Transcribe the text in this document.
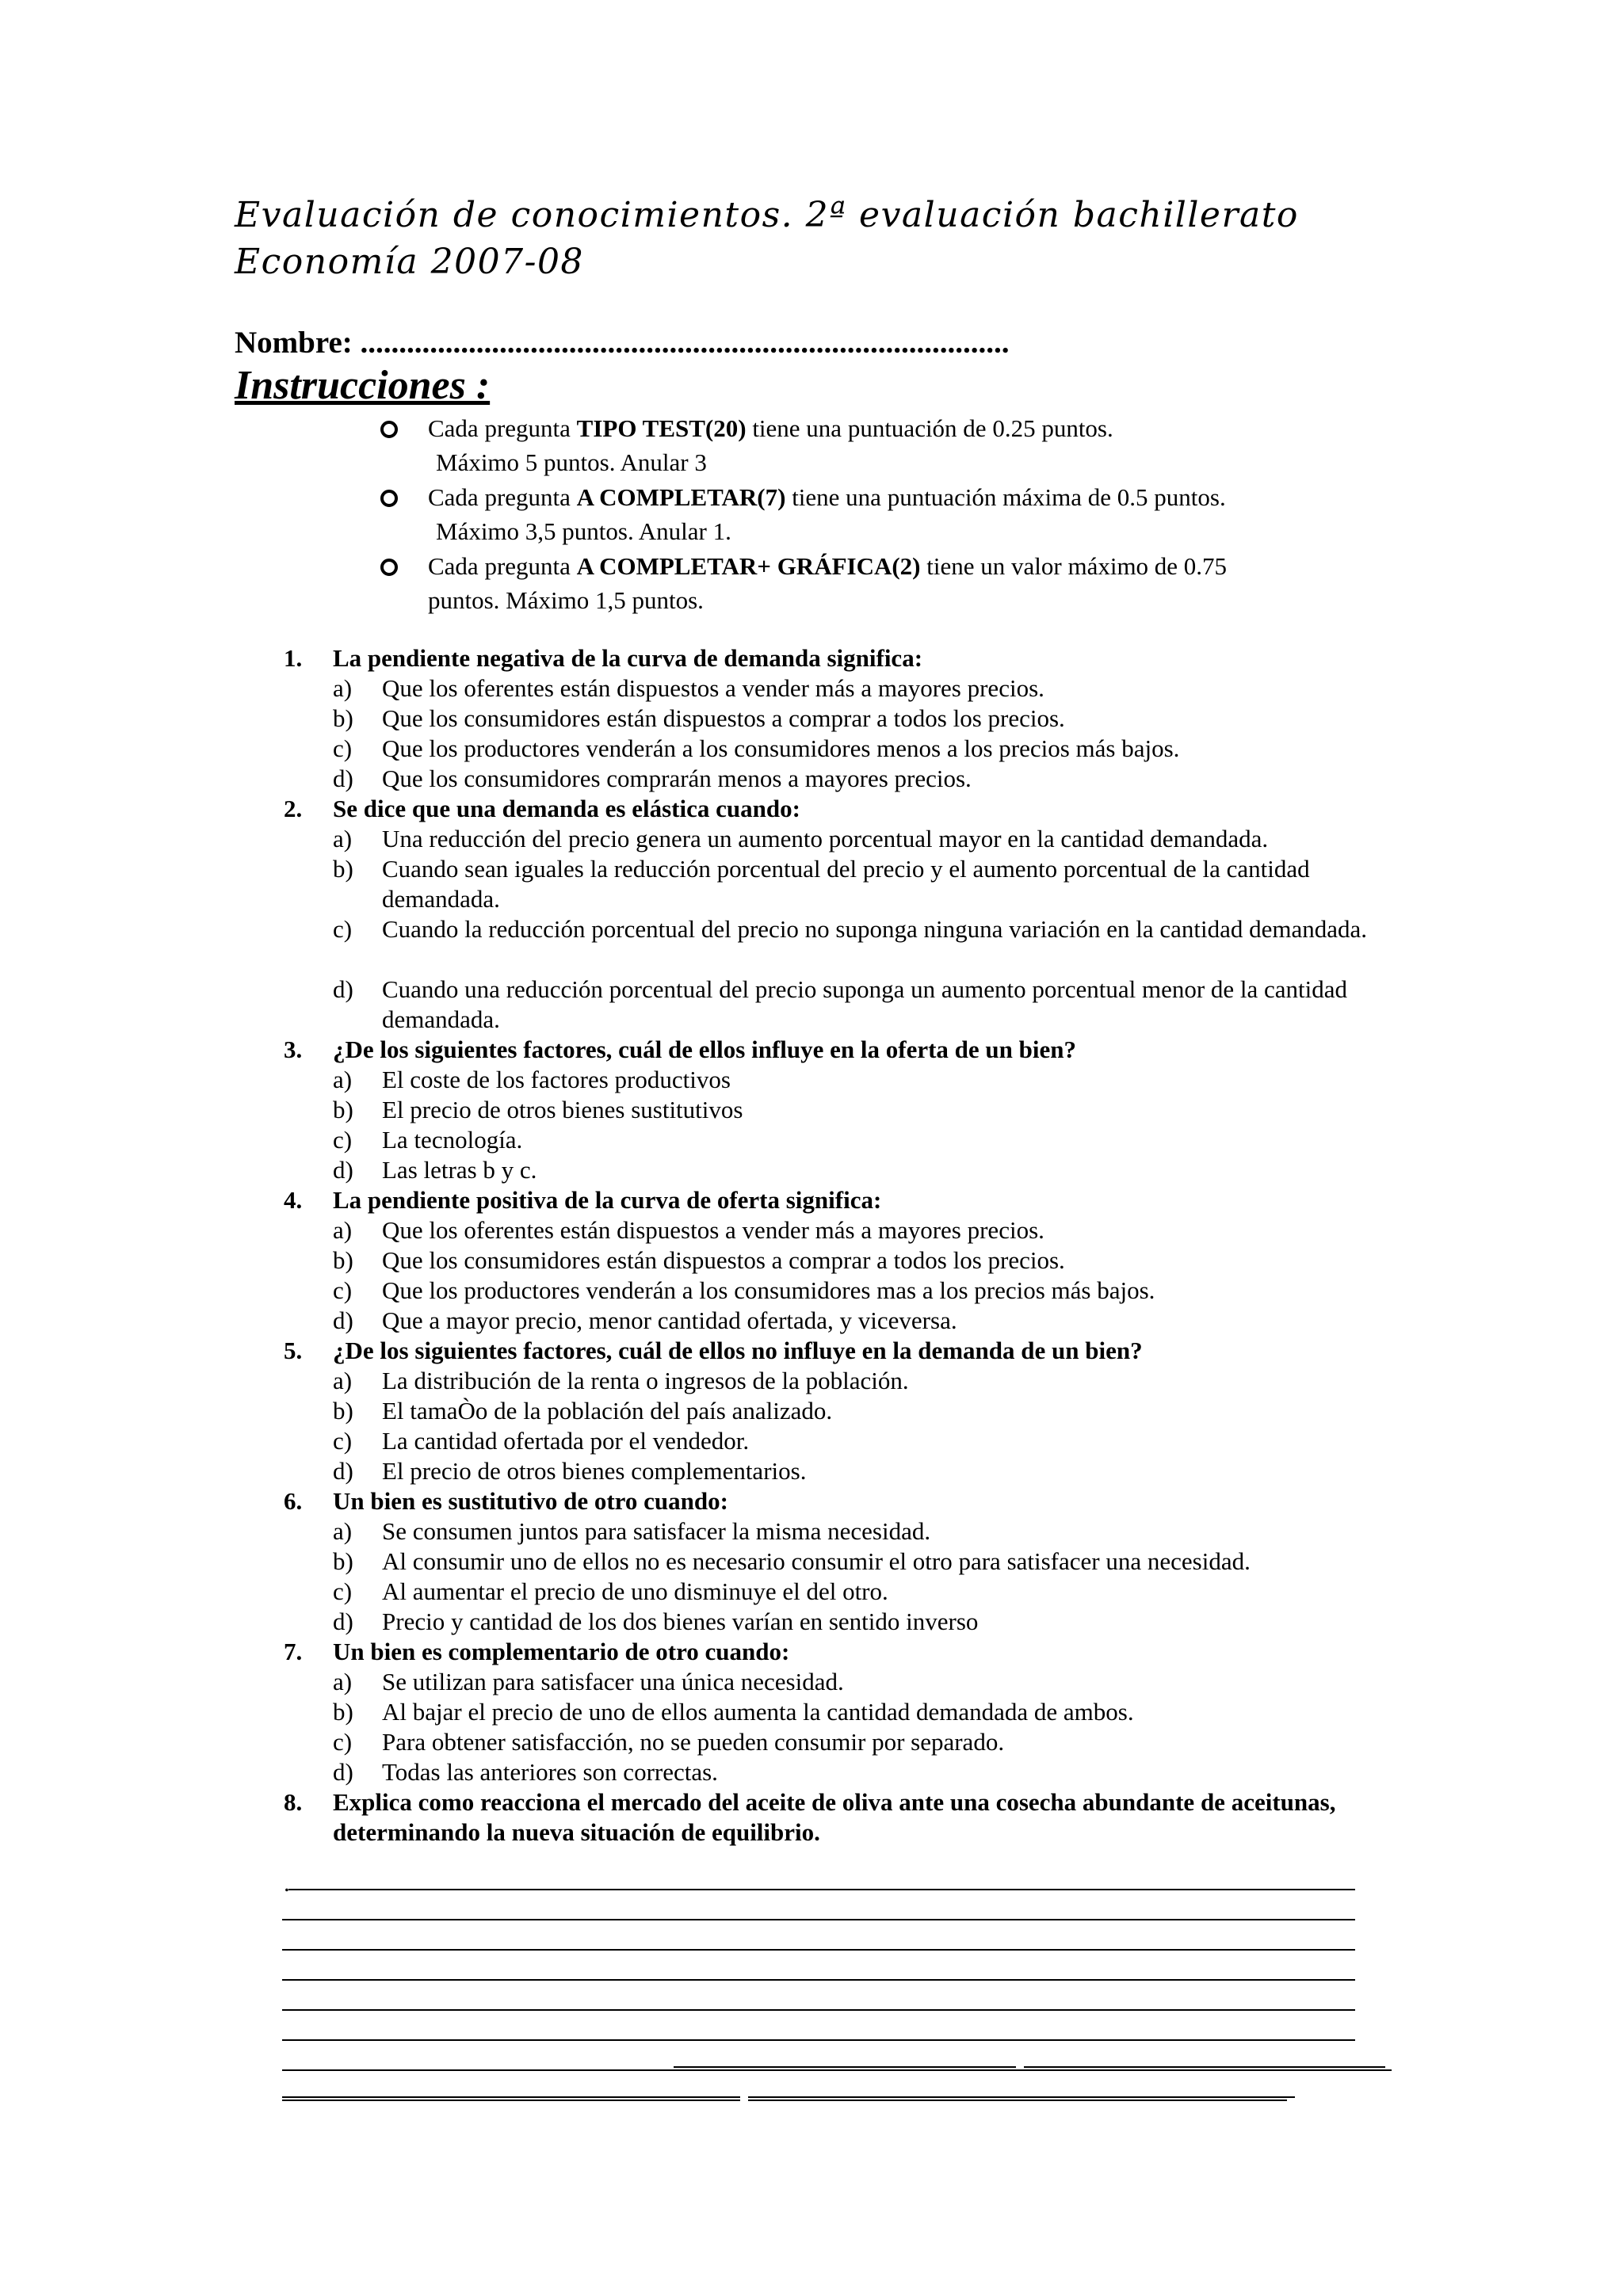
Evaluación de conocimientos. 2ª evaluación bachillerato
Economía 2007-08
Nombre: ....................................................................................
Instrucciones :
Cada pregunta TIPO TEST(20) tiene una puntuación de 0.25 puntos.
Máximo 5 puntos. Anular 3
Cada pregunta A COMPLETAR(7) tiene una puntuación máxima de 0.5 puntos.
Máximo 3,5 puntos. Anular 1.
Cada pregunta A COMPLETAR+ GRÁFICA(2) tiene un valor máximo de 0.75
puntos. Máximo 1,5 puntos.
1. La pendiente negativa de la curva de demanda significa:
a) Que los oferentes están dispuestos a vender más a mayores precios.
b) Que los consumidores están dispuestos a comprar a todos los precios.
c) Que los productores venderán a los consumidores menos a los precios más bajos.
d) Que los consumidores comprarán menos a mayores precios.
2. Se dice que una demanda es elástica cuando:
a) Una reducción del precio genera un aumento porcentual mayor en la cantidad demandada.
b) Cuando sean iguales la reducción porcentual del precio y el aumento porcentual de la cantidad demandada.
c) Cuando la reducción porcentual del precio no suponga ninguna variación en la cantidad demandada.
d) Cuando una reducción porcentual del precio suponga un aumento porcentual menor de la cantidad demandada.
3. ¿De los siguientes factores, cuál de ellos influye en la oferta de un bien?
a) El coste de los factores productivos
b) El precio de otros bienes sustitutivos
c) La tecnología.
d) Las letras b y c.
4. La pendiente positiva de la curva de oferta significa:
a) Que los oferentes están dispuestos a vender más a mayores precios.
b) Que los consumidores están dispuestos a comprar a todos los precios.
c) Que los productores venderán a los consumidores mas a los precios más bajos.
d) Que a mayor precio, menor cantidad ofertada, y viceversa.
5. ¿De los siguientes factores, cuál de ellos no influye en la demanda de un bien?
a) La distribución de la renta o ingresos de la población.
b) El tamaÒo de la población del país analizado.
c) La cantidad ofertada por el vendedor.
d) El precio de otros bienes complementarios.
6. Un bien es sustitutivo de otro cuando:
a) Se consumen juntos para satisfacer la misma necesidad.
b) Al consumir uno de ellos no es necesario consumir el otro para satisfacer una necesidad.
c) Al aumentar el precio de uno disminuye el del otro.
d) Precio y cantidad de los dos bienes varían en sentido inverso
7. Un bien es complementario de otro cuando:
a) Se utilizan para satisfacer una única necesidad.
b) Al bajar el precio de uno de ellos aumenta la cantidad demandada de ambos.
c) Para obtener satisfacción, no se pueden consumir por separado.
d) Todas las anteriores son correctas.
8. Explica como reacciona el mercado del aceite de oliva ante una cosecha abundante de aceitunas, determinando la nueva situación de equilibrio.
.
